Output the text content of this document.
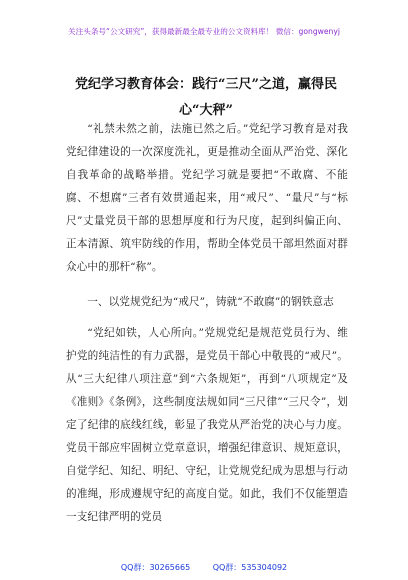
关注头条号“公文研究”，获得最新最全最专业的公文资料库！ 微信：gongwenyj
党纪学习教育体会：践行“三尺”之道，赢得民心“大秤”

“礼禁未然之前，法施已然之后。”党纪学习教育是对我党纪律建设的一次深度洗礼，更是推动全面从严治党、深化自我革命的战略举措。党纪学习就是要把“不敢腐、不能腐、不想腐”三者有效贯通起来，用“戒尺”、“量尺”与“标尺”丈量党员干部的思想厚度和行为尺度，起到纠偏正向、正本清源、筑牢防线的作用，帮助全体党员干部坦然面对群众心中的那杆“称”。

一、以党规党纪为“戒尺”，铸就“不敢腐”的钢铁意志

“党纪如铁，人心所向。”党规党纪是规范党员行为、维护党的纯洁性的有力武器，是党员干部心中敬畏的“戒尺”。从“三大纪律八项注意”到“六条规矩”，再到“八项规定”及《准则》《条例》，这些制度法规如同“三尺律”“三尺令”，划定了纪律的底线红线，彰显了我党从严治党的决心与力度。党员干部应牢固树立党章意识，增强纪律意识、规矩意识，自觉学纪、知纪、明纪、守纪，让党规党纪成为思想与行动的准绳，形成遵规守纪的高度自觉。如此，我们不仅能塑造一支纪律严明的党员

QQ群：30265665	QQ群：535304092
